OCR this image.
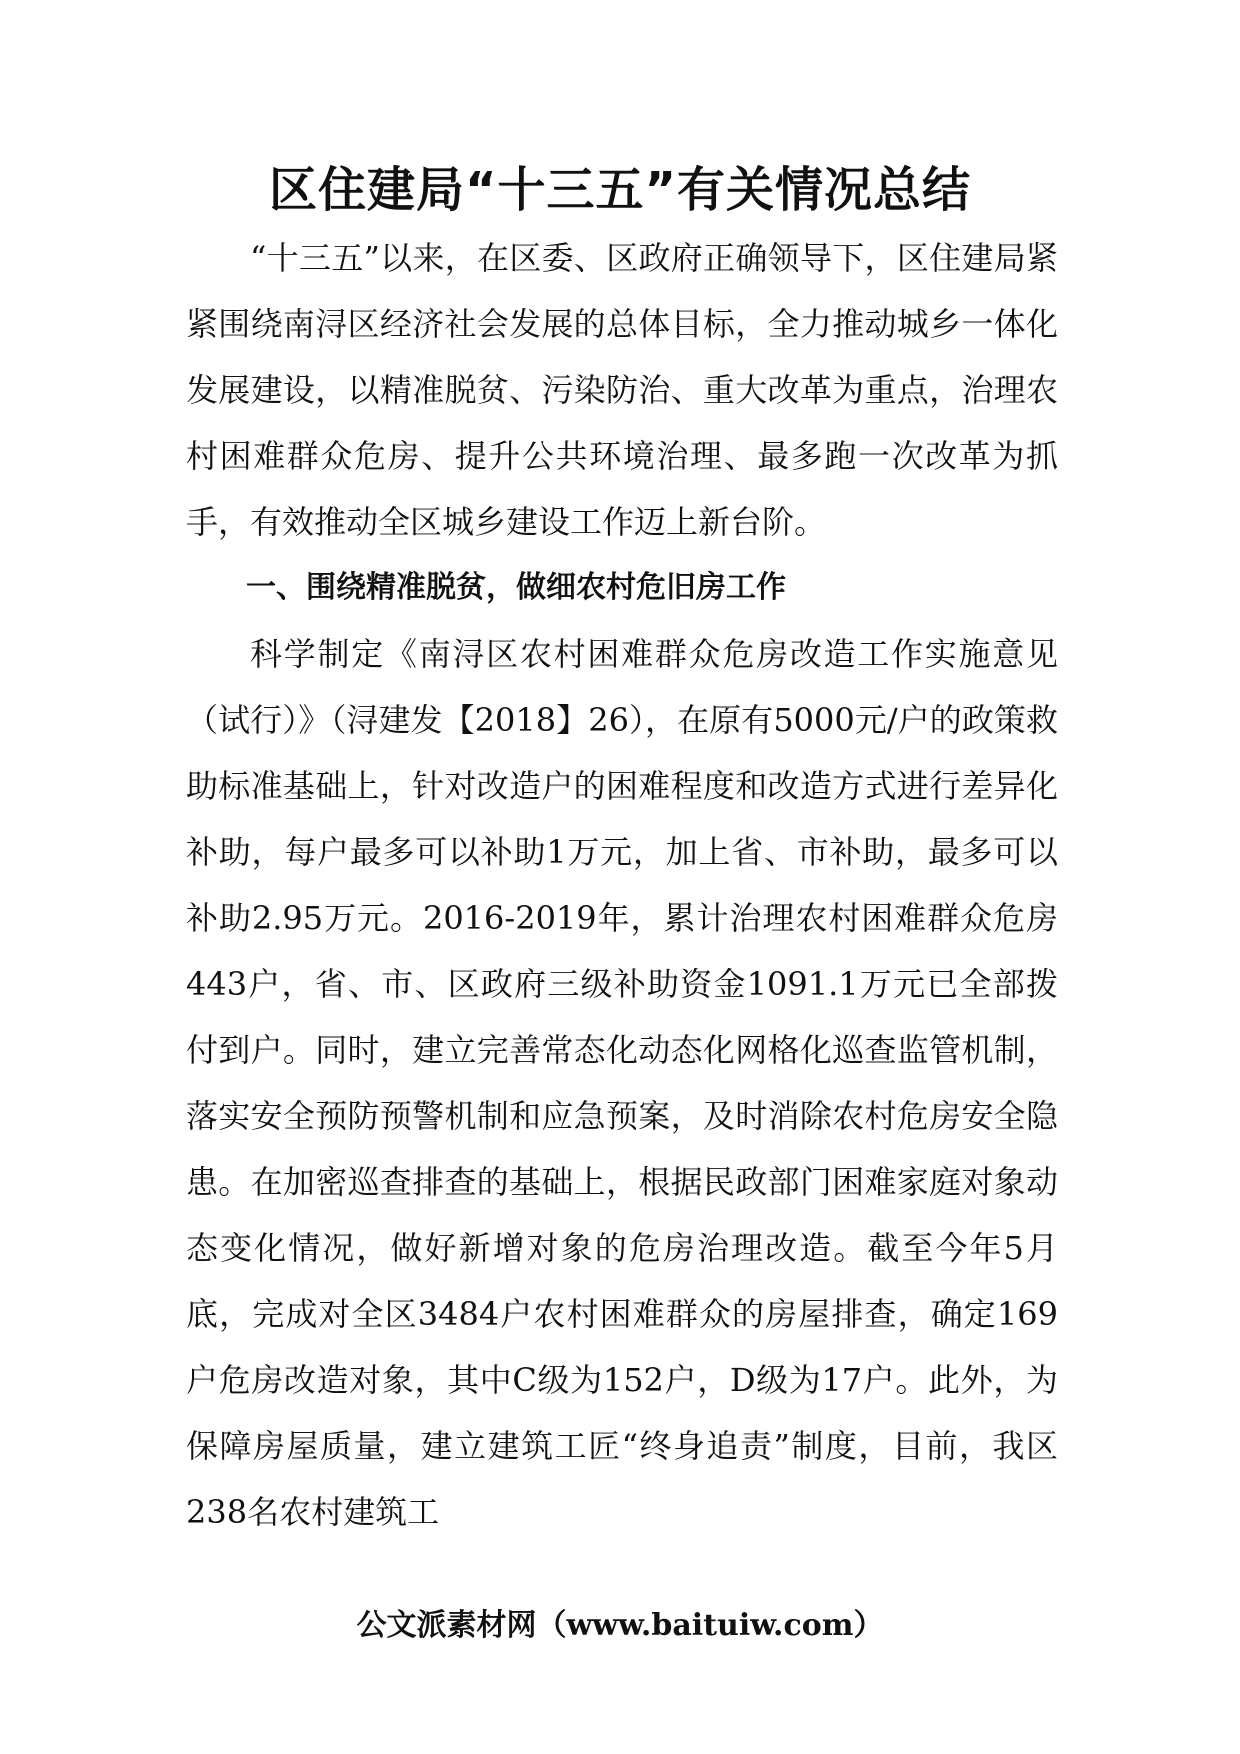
区住建局“十三五”有关情况总结

“十三五”以来，在区委、区政府正确领导下，区住建局紧紧围绕南浔区经济社会发展的总体目标，全力推动城乡一体化发展建设，以精准脱贫、污染防治、重大改革为重点，治理农村困难群众危房、提升公共环境治理、最多跑一次改革为抓手，有效推动全区城乡建设工作迈上新台阶。

一、围绕精准脱贫，做细农村危旧房工作

科学制定《南浔区农村困难群众危房改造工作实施意见（试行）》（浔建发【2018】26），在原有5000元/户的政策救助标准基础上，针对改造户的困难程度和改造方式进行差异化补助，每户最多可以补助1万元，加上省、市补助，最多可以补助2.95万元。2016-2019年，累计治理农村困难群众危房443户，省、市、区政府三级补助资金1091.1万元已全部拨付到户。同时，建立完善常态化动态化网格化巡查监管机制，落实安全预防预警机制和应急预案，及时消除农村危房安全隐患。在加密巡查排查的基础上，根据民政部门困难家庭对象动态变化情况，做好新增对象的危房治理改造。截至今年5月底，完成对全区3484户农村困难群众的房屋排查，确定169户危房改造对象，其中C级为152户，D级为17户。此外，为保障房屋质量，建立建筑工匠“终身追责”制度，目前，我区238名农村建筑工

公文派素材网（www.baituiw.com）
